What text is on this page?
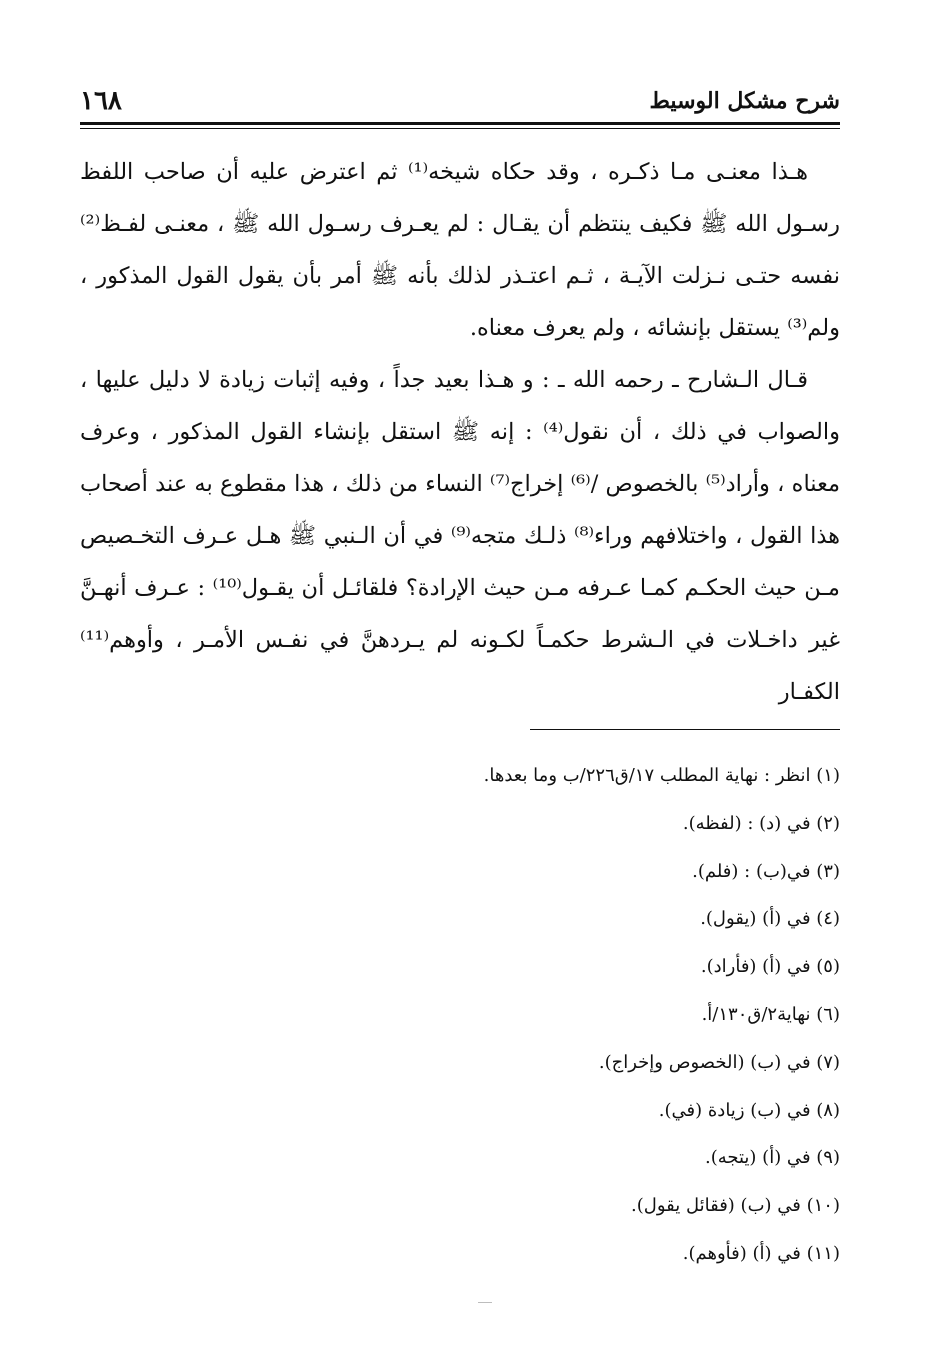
١٦٨	شرح مشكل الوسيط

هـذا معنـى مـا ذكـره ، وقد حكاه شيخه⁽¹⁾ ثم اعترض عليه أن صاحب اللفظ رسـول الله ﷺ فكيف ينتظم أن يقـال : لم يعـرف رسـول الله ﷺ ، معنـى لفـظ⁽²⁾ نفسه حتـى نـزلت الآيـة ، ثـم اعتـذر لذلك بأنه ﷺ أمر بأن يقول القول المذكور ، ولم⁽³⁾ يستقل بإنشائه ، ولم يعرف معناه.

قـال الـشارح ـ رحمه الله ـ : و هـذا بعيد جداً ، وفيه إثبات زيادة لا دليل عليها ، والصواب في ذلك ، أن نقول⁽⁴⁾ : إنه ﷺ استقل بإنشاء القول المذكور ، وعرف معناه ، وأراد⁽⁵⁾ بالخصوص /⁽⁶⁾ إخراج⁽⁷⁾ النساء من ذلك ، هذا مقطوع به عند أصحاب هذا القول ، واختلافهم وراء⁽⁸⁾ ذلـك متجه⁽⁹⁾ في أن الـنبي ﷺ هـل عـرف التخـصيص مـن حيث الحكـم كمـا عـرفه مـن حيث الإرادة؟ فلقائـل أن يقـول⁽¹⁰⁾ : عـرف أنهـنَّ غير داخـلات في الـشرط حكمـاً لكـونه لم يـردهنَّ في نفـس الأمـر ، وأوهم⁽¹¹⁾ الكفـار

(١) انظر : نهاية المطلب ١٧/ق٢٢٦/ب وما بعدها.
(٢) في (د) : (لفظه).
(٣) في(ب) : (فلم).
(٤) في (أ) (يقول).
(٥) في (أ) (فأراد).
(٦) نهاية٢/ق١٣٠/أ.
(٧) في (ب) (الخصوص وإخراج).
(٨) في (ب) زيادة (في).
(٩) في (أ) (يتجه).
(١٠) في (ب) (فقائل يقول).
(١١) في (أ) (فأوهم).
